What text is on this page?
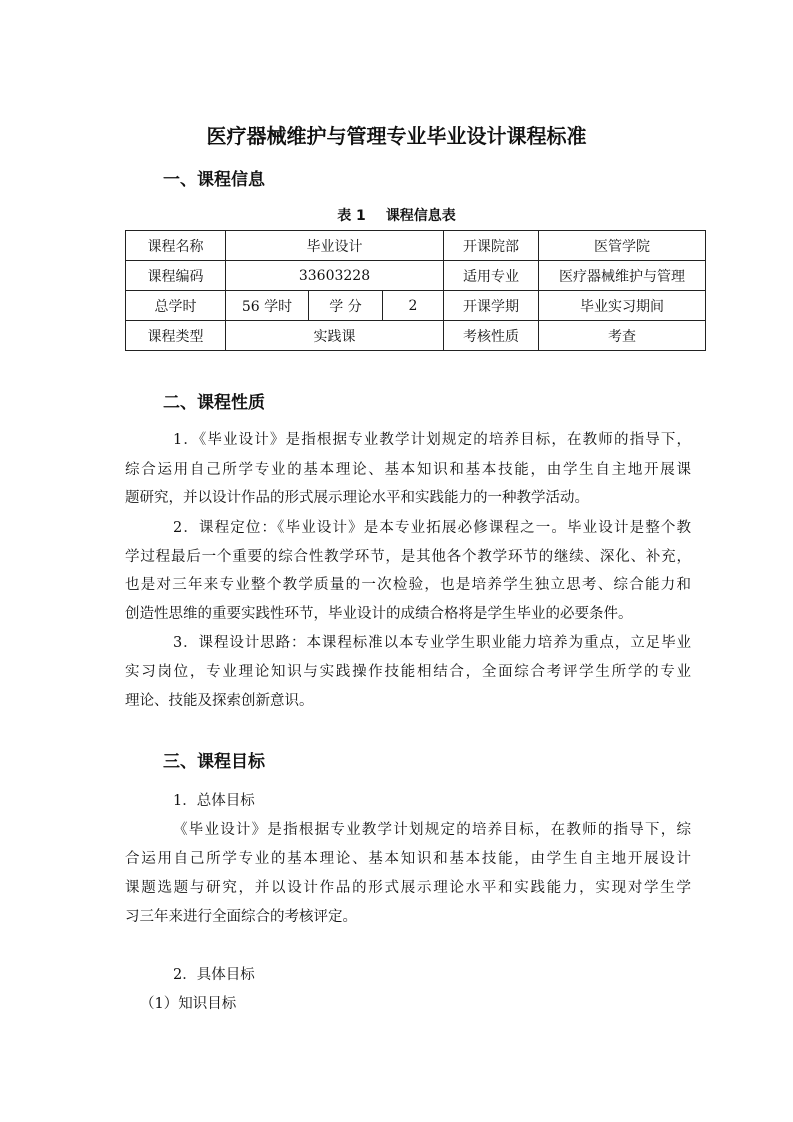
医疗器械维护与管理专业毕业设计课程标准
一、课程信息
表 1 课程信息表
课程名称	毕业设计			开课院部	医管学院
课程编码	33603228			适用专业	医疗器械维护与管理
总学时	56 学时	学 分	2	开课学期	毕业实习期间
课程类型	实践课			考核性质	考查
二、课程性质
1．《毕业设计》是指根据专业教学计划规定的培养目标，在教师的指导下，
综合运用自己所学专业的基本理论、基本知识和基本技能，由学生自主地开展课
题研究，并以设计作品的形式展示理论水平和实践能力的一种教学活动。
2．课程定位：《毕业设计》是本专业拓展必修课程之一。毕业设计是整个教
学过程最后一个重要的综合性教学环节，是其他各个教学环节的继续、深化、补充，
也是对三年来专业整个教学质量的一次检验，也是培养学生独立思考、综合能力和
创造性思维的重要实践性环节，毕业设计的成绩合格将是学生毕业的必要条件。
3．课程设计思路：本课程标准以本专业学生职业能力培养为重点，立足毕业
实习岗位，专业理论知识与实践操作技能相结合，全面综合考评学生所学的专业
理论、技能及探索创新意识。
三、课程目标
1．总体目标
《毕业设计》是指根据专业教学计划规定的培养目标，在教师的指导下，综
合运用自己所学专业的基本理论、基本知识和基本技能，由学生自主地开展设计
课题选题与研究，并以设计作品的形式展示理论水平和实践能力，实现对学生学
习三年来进行全面综合的考核评定。
2．具体目标
（1）知识目标
